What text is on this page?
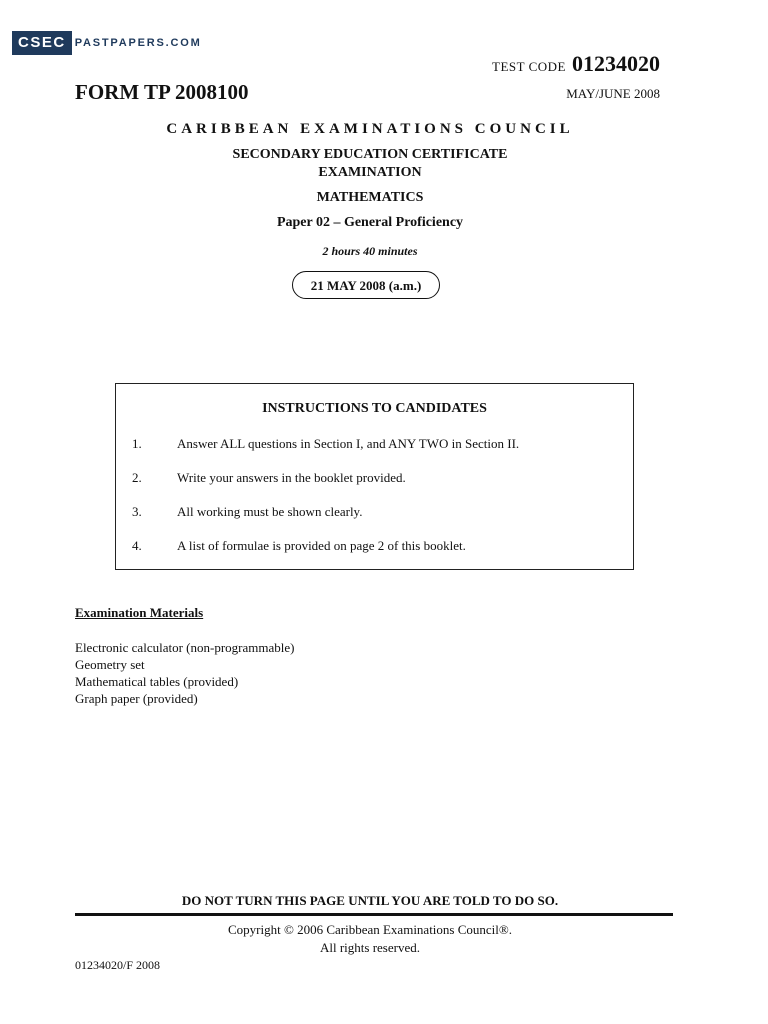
CSEC PASTPAPERS.COM
TEST CODE 01234020
FORM TP 2008100	MAY/JUNE 2008
CARIBBEAN EXAMINATIONS COUNCIL
SECONDARY EDUCATION CERTIFICATE
EXAMINATION
MATHEMATICS
Paper 02 – General Proficiency
2 hours 40 minutes
21 MAY 2008 (a.m.)
INSTRUCTIONS TO CANDIDATES
1.	Answer ALL questions in Section I, and ANY TWO in Section II.
2.	Write your answers in the booklet provided.
3.	All working must be shown clearly.
4.	A list of formulae is provided on page 2 of this booklet.
Examination Materials
Electronic calculator (non-programmable)
Geometry set
Mathematical tables (provided)
Graph paper (provided)
DO NOT TURN THIS PAGE UNTIL YOU ARE TOLD TO DO SO.
Copyright © 2006 Caribbean Examinations Council®.
All rights reserved.
01234020/F 2008
